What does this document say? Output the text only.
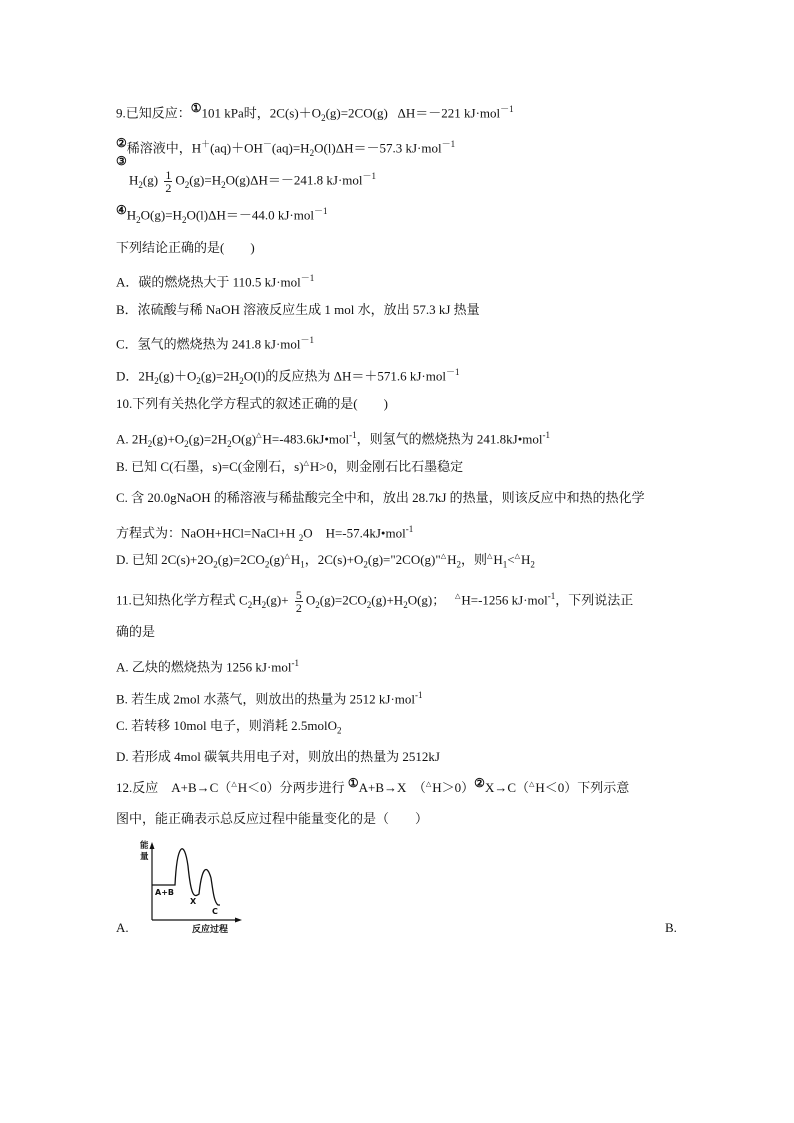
9.已知反应：①101 kPa时，$2C(s)+O_2(g)=2CO(g)$ ΔH＝－221 kJ·mol$^{-1}$
②稀溶液中，$H^+(aq)+OH^-(aq)=H_2O(l)\Delta H=-57.3$ kJ·mol$^{-1}$
③
$H_2(g) \frac{1}{2} O_2(g)=H_2O(g)\Delta H=-241.8$ kJ·mol$^{-1}$
$④H_2O(g)=H_2O(l)\Delta H=-44.0$ kJ·mol$^{-1}$
下列结论正确的是(　　)
A．碳的燃烧热大于 110.5 kJ·mol$^{-1}$
B．浓硫酸与稀 NaOH 溶液反应生成 1 mol 水，放出 57.3 kJ 热量
C．氢气的燃烧热为 241.8 kJ·mol$^{-1}$
D．$2H_2(g)+O_2(g)=2H_2O(l)$的反应热为 ΔH＝＋571.6 kJ·mol$^{-1}$
10.下列有关热化学方程式的叙述正确的是(　　)
A. $2H_2(g)+O_2(g)=2H_2O(g)^\triangle H=-483.6kJ•mol^{-1}$，则氢气的燃烧热为 241.8kJ•mol$^{-1}$
B. 已知 C(石墨，s)=C(金刚石，s)△H>0，则金刚石比石墨稳定
C. 含 20.0gNaOH 的稀溶液与稀盐酸完全中和，放出 28.7kJ 的热量，则该反应中和热的热化学
方程式为：NaOH+HCl=NaCl+H $_2$O　H=-57.4kJ•mol$^{-1}$
D. 已知 $2C(s)+2O_2(g)=2CO_2(g)^\triangle H_1$，$2C(s)+O_2(g)="2CO(g)"^\triangle H_2$，则$^\triangle H_1<^\triangle H_2$
11.已知热化学方程式 $C_2H_2(g)+ \frac{5}{2} O_2(g)=2CO_2(g)+H_2O(g)$； △H=-1256 kJ·mol$^{-1}$，下列说法正
确的是
A. 乙炔的燃烧热为 1256 kJ·mol$^{-1}$
B. 若生成 2mol 水蒸气，则放出的热量为 2512 kJ·mol$^{-1}$
C. 若转移 10mol 电子，则消耗 2.5molO$_2$
D. 若形成 4mol 碳氧共用电子对，则放出的热量为 2512kJ
12.反应　A+B→C（△H＜0）分两步进行 ①A+B→X　（△H＞0）②X→C（△H＜0）下列示意
图中，能正确表示总反应过程中能量变化的是（　　）
能
量
A+B
X
C
反应过程
A.	B.
